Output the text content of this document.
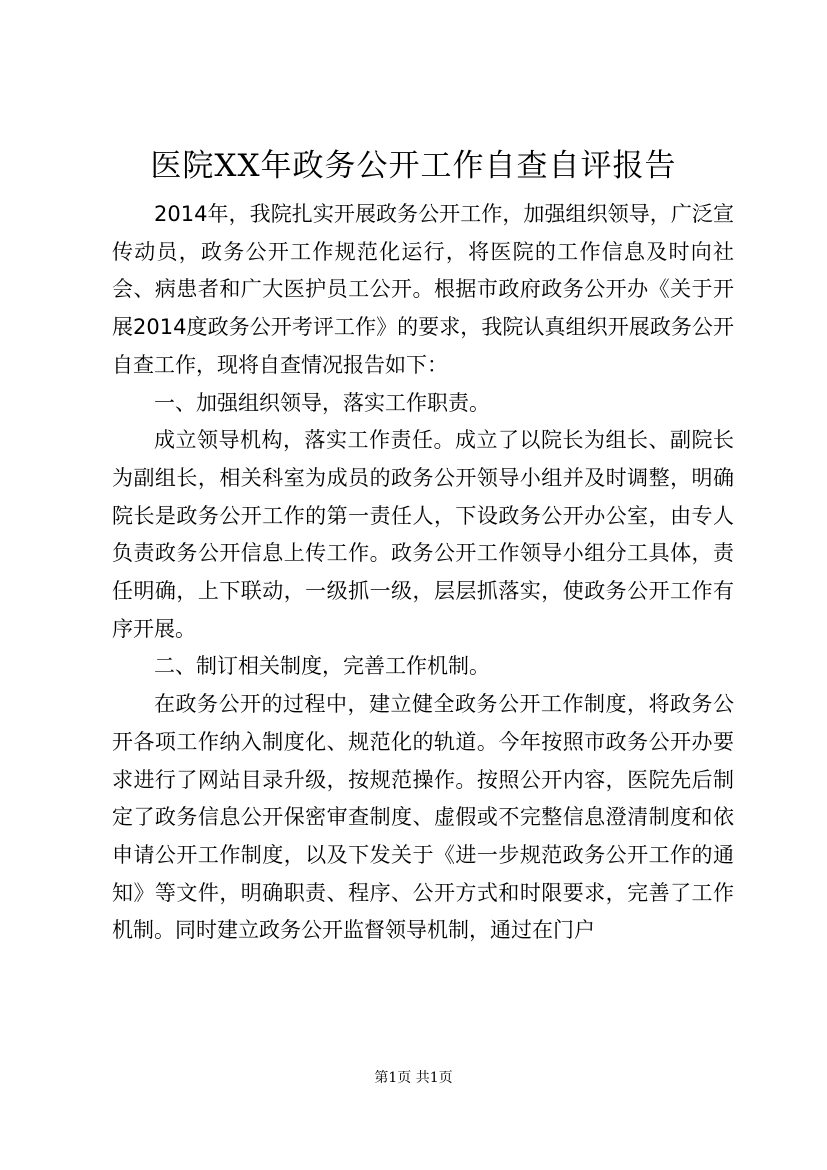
医院XX年政务公开工作自查自评报告

2014年，我院扎实开展政务公开工作，加强组织领导，广泛宣传动员，政务公开工作规范化运行，将医院的工作信息及时向社会、病患者和广大医护员工公开。根据市政府政务公开办《关于开展2014度政务公开考评工作》的要求，我院认真组织开展政务公开自查工作，现将自查情况报告如下：

一、加强组织领导，落实工作职责。

成立领导机构，落实工作责任。成立了以院长为组长、副院长为副组长，相关科室为成员的政务公开领导小组并及时调整，明确院长是政务公开工作的第一责任人，下设政务公开办公室，由专人负责政务公开信息上传工作。政务公开工作领导小组分工具体，责任明确，上下联动，一级抓一级，层层抓落实，使政务公开工作有序开展。

二、制订相关制度，完善工作机制。

在政务公开的过程中，建立健全政务公开工作制度，将政务公开各项工作纳入制度化、规范化的轨道。今年按照市政务公开办要求进行了网站目录升级，按规范操作。按照公开内容，医院先后制定了政务信息公开保密审查制度、虚假或不完整信息澄清制度和依申请公开工作制度，以及下发关于《进一步规范政务公开工作的通知》等文件，明确职责、程序、公开方式和时限要求，完善了工作机制。同时建立政务公开监督领导机制，通过在门户

第1页 共1页
